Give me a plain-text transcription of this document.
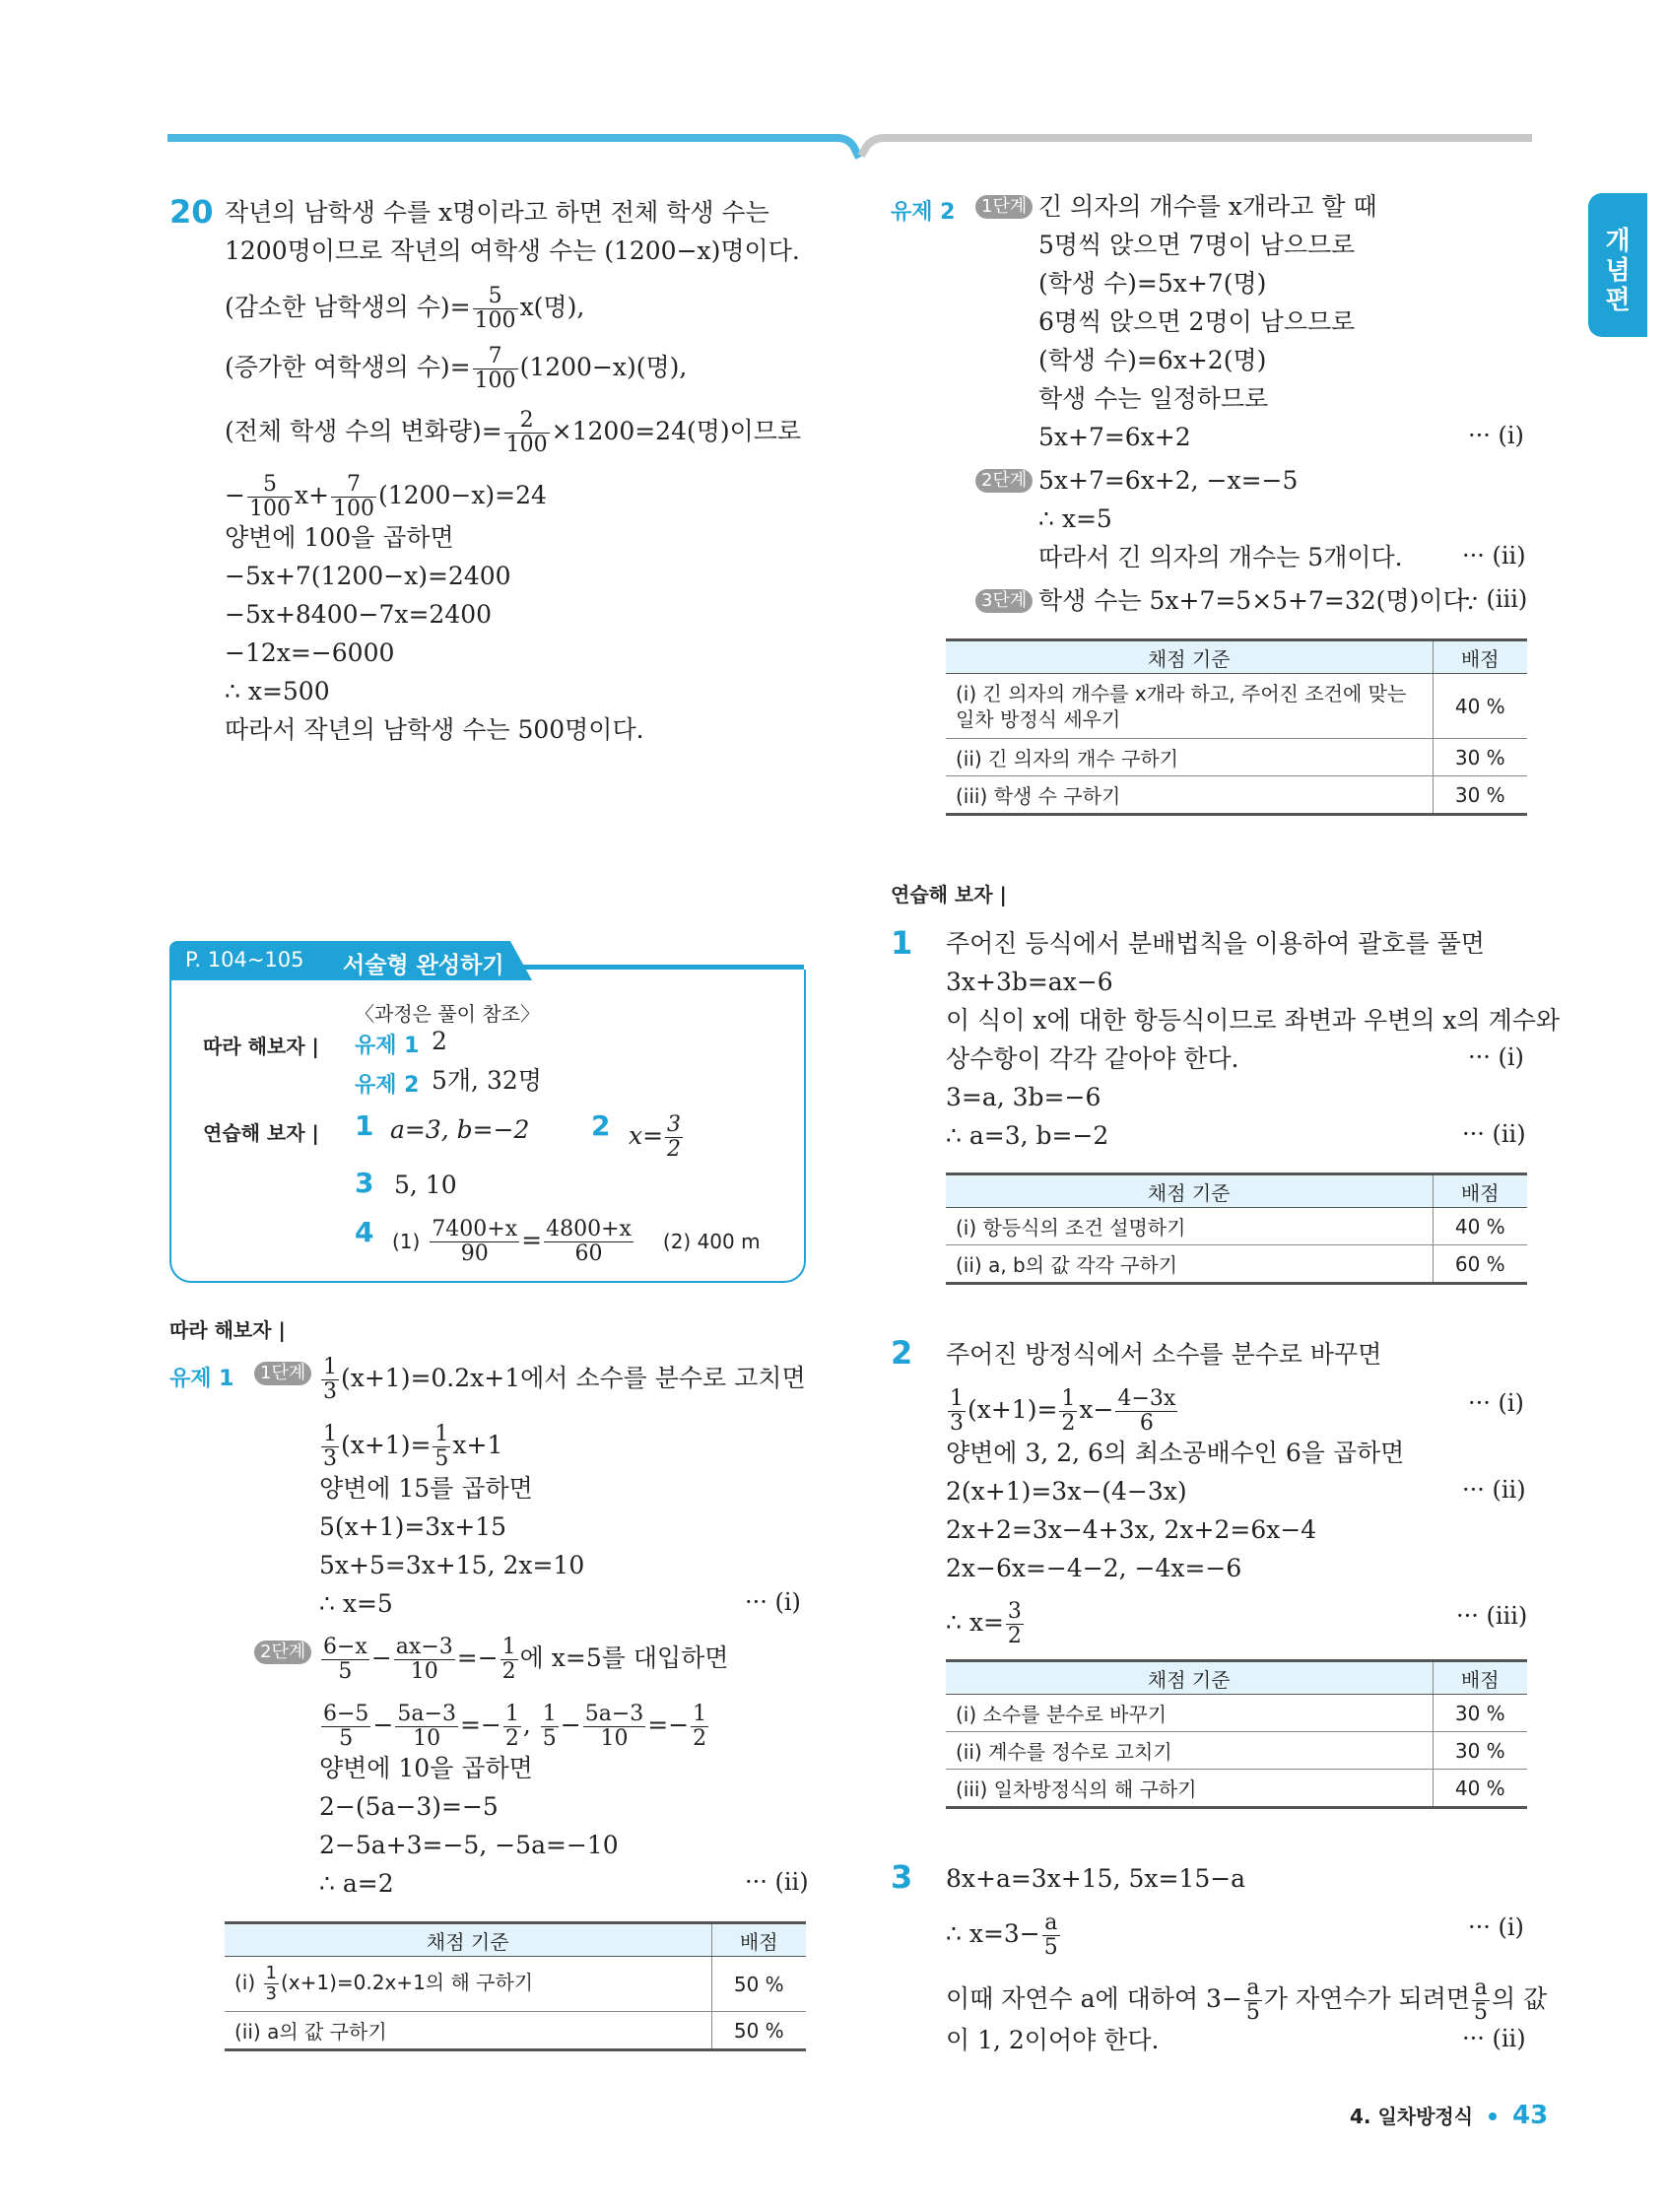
개념편
20 작년의 남학생 수를 x명이라고 하면 전체 학생 수는
1200명이므로 작년의 여학생 수는 (1200−x)명이다.
(감소한 남학생의 수)= $\frac{5}{100} x$(명),
(증가한 여학생의 수)= $\frac{7}{100} (1200-x)$(명),
(전체 학생 수의 변화량)= $\frac{2}{100} \times 1200=24$(명)이므로
− $\frac{5}{100} x+ \frac{7}{100} (1200-x)=24$
양변에 100을 곱하면
−5x+7(1200−x)=2400
−5x+8400−7x=2400
−12x=−6000
∴ x=500
따라서 작년의 남학생 수는 500명이다.
P. 104~105 서술형 완성하기
〈과정은 풀이 참조〉
따라 해보자 | 유제 1 2
유제 2 5개, 32명
연습해 보자 | 1 a=3, b=−2 2 $x= \frac{3}{2}$
3 5, 10
4 $(1) \frac{7400+x}{90} = \frac{4800+x}{60} (2)$ 400 m
따라 해보자 |
유제 1	1단계 $\frac{1}{3} (x+1)=0.2x+1$에서 소수를 분수로 고치면
$\frac{1}{3} (x+1)= \frac{1}{5} x+1$
양변에 15를 곱하면
5(x+1)=3x+15
5x+5=3x+15, 2x=10
∴ x=5	··· (i)
2단계 $\frac{6-x}{5} - \frac{ax-3}{10} =- \frac{1}{2}$ 에 x=5를 대입하면
$\frac{6-5}{5} - \frac{5a-3}{10} =- \frac{1}{2}$ , $\frac{1}{5} - \frac{5a-3}{10} =- \frac{1}{2}$
양변에 10을 곱하면
2−(5a−3)=−5
2−5a+3=−5, −5a=−10
∴ a=2	··· (ii)
채점 기준	배점
$(i) \frac{1}{3} (x+1)=0.2x+1$의 해 구하기	50 %
(ii) a의 값 구하기	50 %
유제 2	1단계 긴 의자의 개수를 x개라고 할 때
5명씩 앉으면 7명이 남으므로
(학생 수)=5x+7(명)
6명씩 앉으면 2명이 남으므로
(학생 수)=6x+2(명)
학생 수는 일정하므로
5x+7=6x+2	··· (i)
2단계 5x+7=6x+2, −x=−5
∴ x=5
따라서 긴 의자의 개수는 5개이다.	··· (ii)
3단계 학생 수는 5x+7=5×5+7=32(명)이다.
··· (iii)
채점 기준	배점
(i) 긴 의자의 개수를 x개라 하고, 주어진 조건에 맞는 일차 방정식 세우기	40 %
(ii) 긴 의자의 개수 구하기	30 %
(iii) 학생 수 구하기	30 %
연습해 보자 |
1 주어진 등식에서 분배법칙을 이용하여 괄호를 풀면
3x+3b=ax−6
이 식이 x에 대한 항등식이므로 좌변과 우변의 x의 계수와
상수항이 각각 같아야 한다.	··· (i)
3=a, 3b=−6
∴ a=3, b=−2	··· (ii)
채점 기준	배점
(i) 항등식의 조건 설명하기	40 %
(ii) a, b의 값 각각 구하기	60 %
2 주어진 방정식에서 소수를 분수로 바꾸면
$\frac{1}{3} (x+1)= \frac{1}{2} x- \frac{4-3x}{6}$	··· (i)
양변에 3, 2, 6의 최소공배수인 6을 곱하면
2(x+1)=3x−(4−3x)	··· (ii)
2x+2=3x−4+3x, 2x+2=6x−4
2x−6x=−4−2, −4x=−6
∴ $x= \frac{3}{2}$	··· (iii)
채점 기준	배점
(i) 소수를 분수로 바꾸기	30 %
(ii) 계수를 정수로 고치기	30 %
(iii) 일차방정식의 해 구하기	40 %
3 8x+a=3x+15, 5x=15−a
∴ $x=3- \frac{a}{5}$	··· (i)
이때 자연수 a에 대하여 $3- \frac{a}{5}$ 가 자연수가 되려면 $\frac{a}{5}$ 의 값
이 1, 2이어야 한다.	··· (ii)
4. 일차방정식 43
